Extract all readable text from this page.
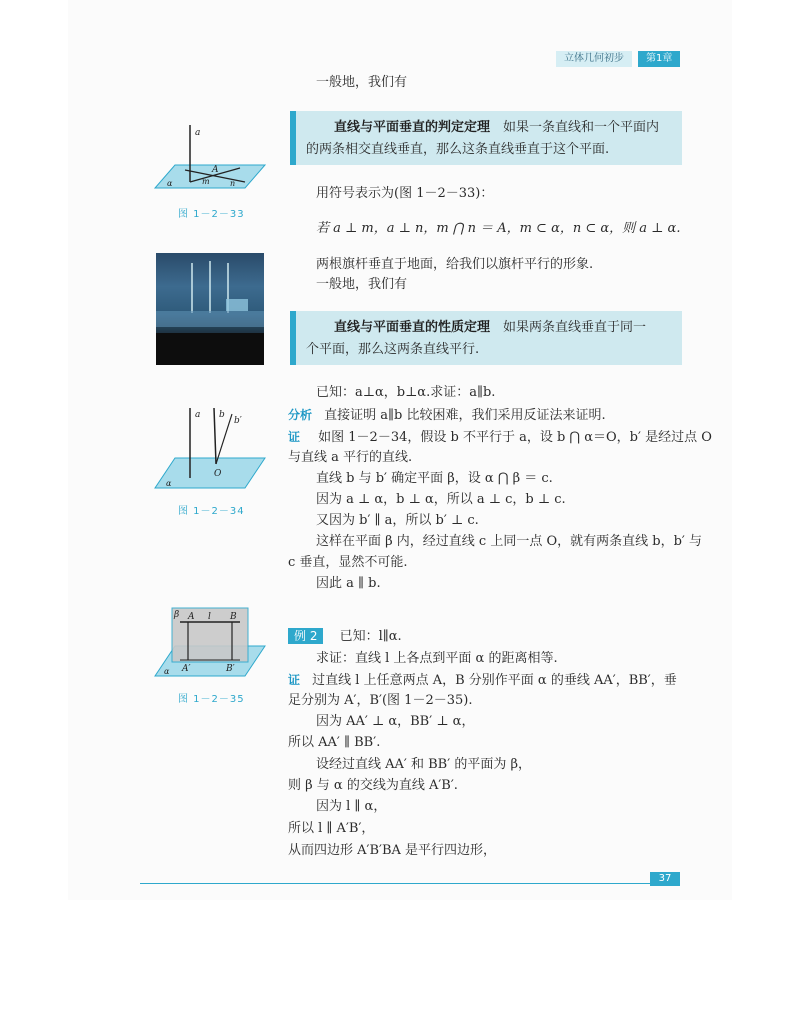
立体几何初步	第1章
一般地，我们有
直线与平面垂直的判定定理　 如果一条直线和一个平面内
的两条相交直线垂直，那么这条直线垂直于这个平面.
a
A
m	n
α
图 1－2－33
用符号表示为(图 1－2－33)：
若 a ⊥ m，a ⊥ n，m ⋂ n ＝ A，m ⊂ α，n ⊂ α，则 a ⊥ α.
两根旗杆垂直于地面，给我们以旗杆平行的形象.
一般地，我们有
直线与平面垂直的性质定理　 如果两条直线垂直于同一
个平面，那么这两条直线平行.
已知：a⊥α，b⊥α.求证：a∥b.
分析 直接证明 a∥b 比较困难，我们采用反证法来证明.
证 如图 1－2－34，假设 b 不平行于 a，设 b ⋂ α＝O，b′ 是经过点 O
与直线 a 平行的直线.
直线 b 与 b′ 确定平面 β，设 α ⋂ β ＝ c.
因为 a ⊥ α，b ⊥ α，所以 a ⊥ c，b ⊥ c.
又因为 b′ ∥ a，所以 b′ ⊥ c.
这样在平面 β 内，经过直线 c 上同一点 O，就有两条直线 b，b′ 与
c 垂直，显然不可能.
因此 a ∥ b.
a b
b′
O
α
图 1－2－34
β A l B
A′	B′
α
图 1－2－35
例 2 已知：l∥α.
求证：直线 l 上各点到平面 α 的距离相等.
证 过直线 l 上任意两点 A，B 分别作平面 α 的垂线 AA′，BB′，垂
足分别为 A′，B′(图 1－2－35).
因为 AA′ ⊥ α，BB′ ⊥ α，
所以 AA′ ∥ BB′.
设经过直线 AA′ 和 BB′ 的平面为 β，
则 β 与 α 的交线为直线 A′B′.
因为 l ∥ α，
所以 l ∥ A′B′，
从而四边形 A′B′BA 是平行四边形，
37
